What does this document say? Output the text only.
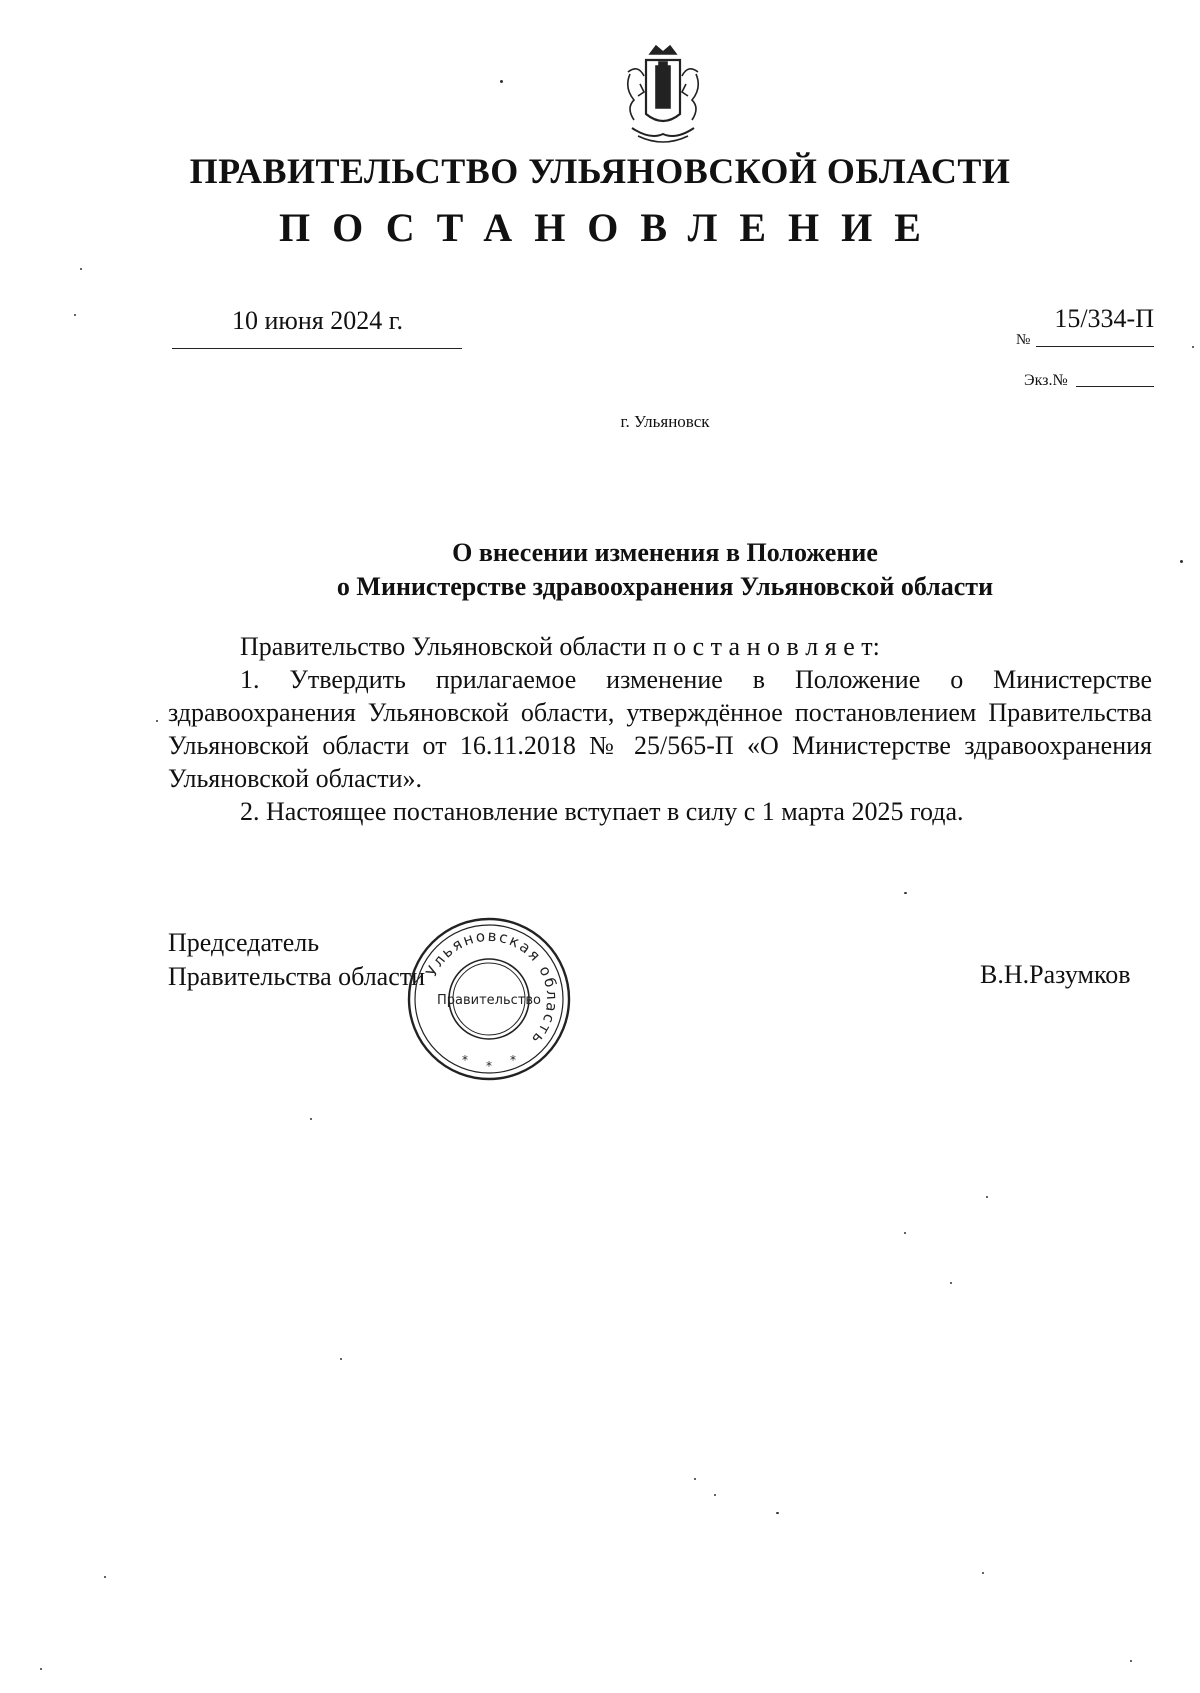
ПРАВИТЕЛЬСТВО УЛЬЯНОВСКОЙ ОБЛАСТИ
ПОСТАНОВЛЕНИЕ
10 июня 2024 г.
№
15/334-П
Экз.№
г. Ульяновск
О внесении изменения в Положение
о Министерстве здравоохранения Ульяновской области

Правительство Ульяновской области п о с т а н о в л я е т:

1. Утвердить прилагаемое изменение в Положение о Министерстве здравоохранения Ульяновской области, утверждённое постановлением Правительства Ульяновской области от 16.11.2018 № 25/565-П «О Министерстве здравоохранения Ульяновской области».

2. Настоящее постановление вступает в силу с 1 марта 2025 года.

Председатель
Правительства области	В.Н.Разумков
Ульяновская область
Правительство
* * *
